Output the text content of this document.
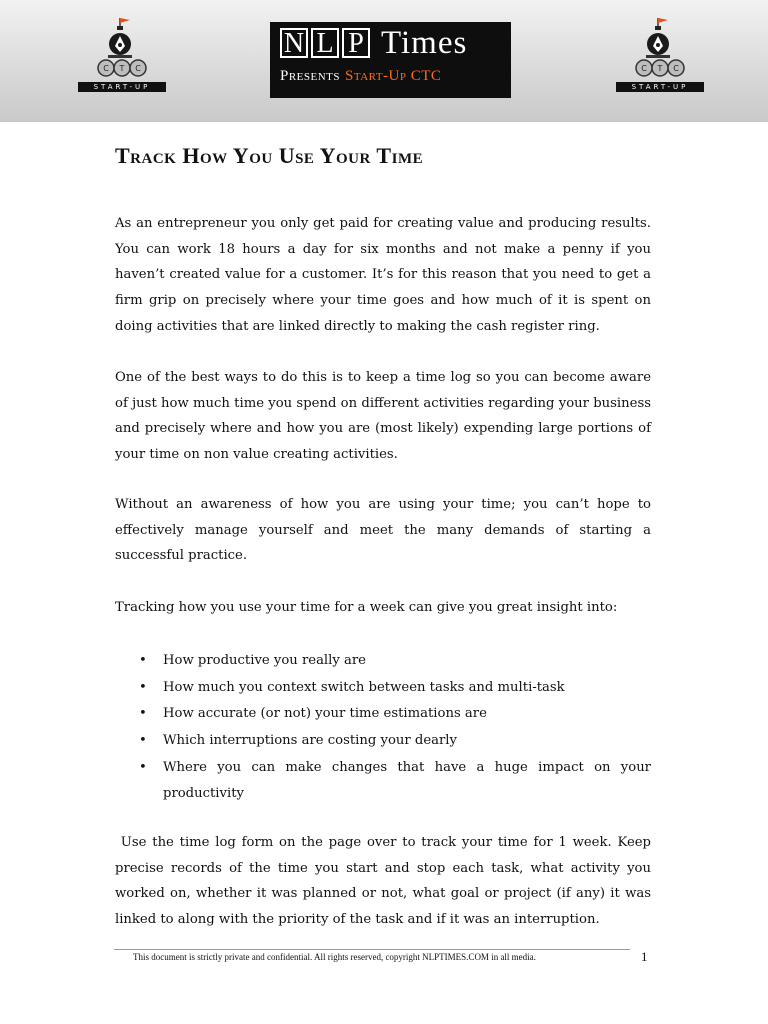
C T C
START-UP
N L P Times
Presents Start-Up CTC	C T C
START-UP
Track How You Use Your Time

As an entrepreneur you only get paid for creating value and producing results. You can work 18 hours a day for six months and not make a penny if you haven’t created value for a customer. It’s for this reason that you need to get a firm grip on precisely where your time goes and how much of it is spent on doing activities that are linked directly to making the cash register ring.

One of the best ways to do this is to keep a time log so you can become aware of just how much time you spend on different activities regarding your business and precisely where and how you are (most likely) expending large portions of your time on non value creating activities.

Without an awareness of how you are using your time; you can’t hope to effectively manage yourself and meet the many demands of starting a successful practice.

Tracking how you use your time for a week can give you great insight into:

• How productive you really are
• How much you context switch between tasks and multi-task
• How accurate (or not) your time estimations are
• Which interruptions are costing your dearly
• Where you can make changes that have a huge impact on your productivity

Use the time log form on the page over to track your time for 1 week. Keep precise records of the time you start and stop each task, what activity you worked on, whether it was planned or not, what goal or project (if any) it was linked to along with the priority of the task and if it was an interruption.

This document is strictly private and confidential. All rights reserved, copyright NLPTIMES.COM in all media.	1
